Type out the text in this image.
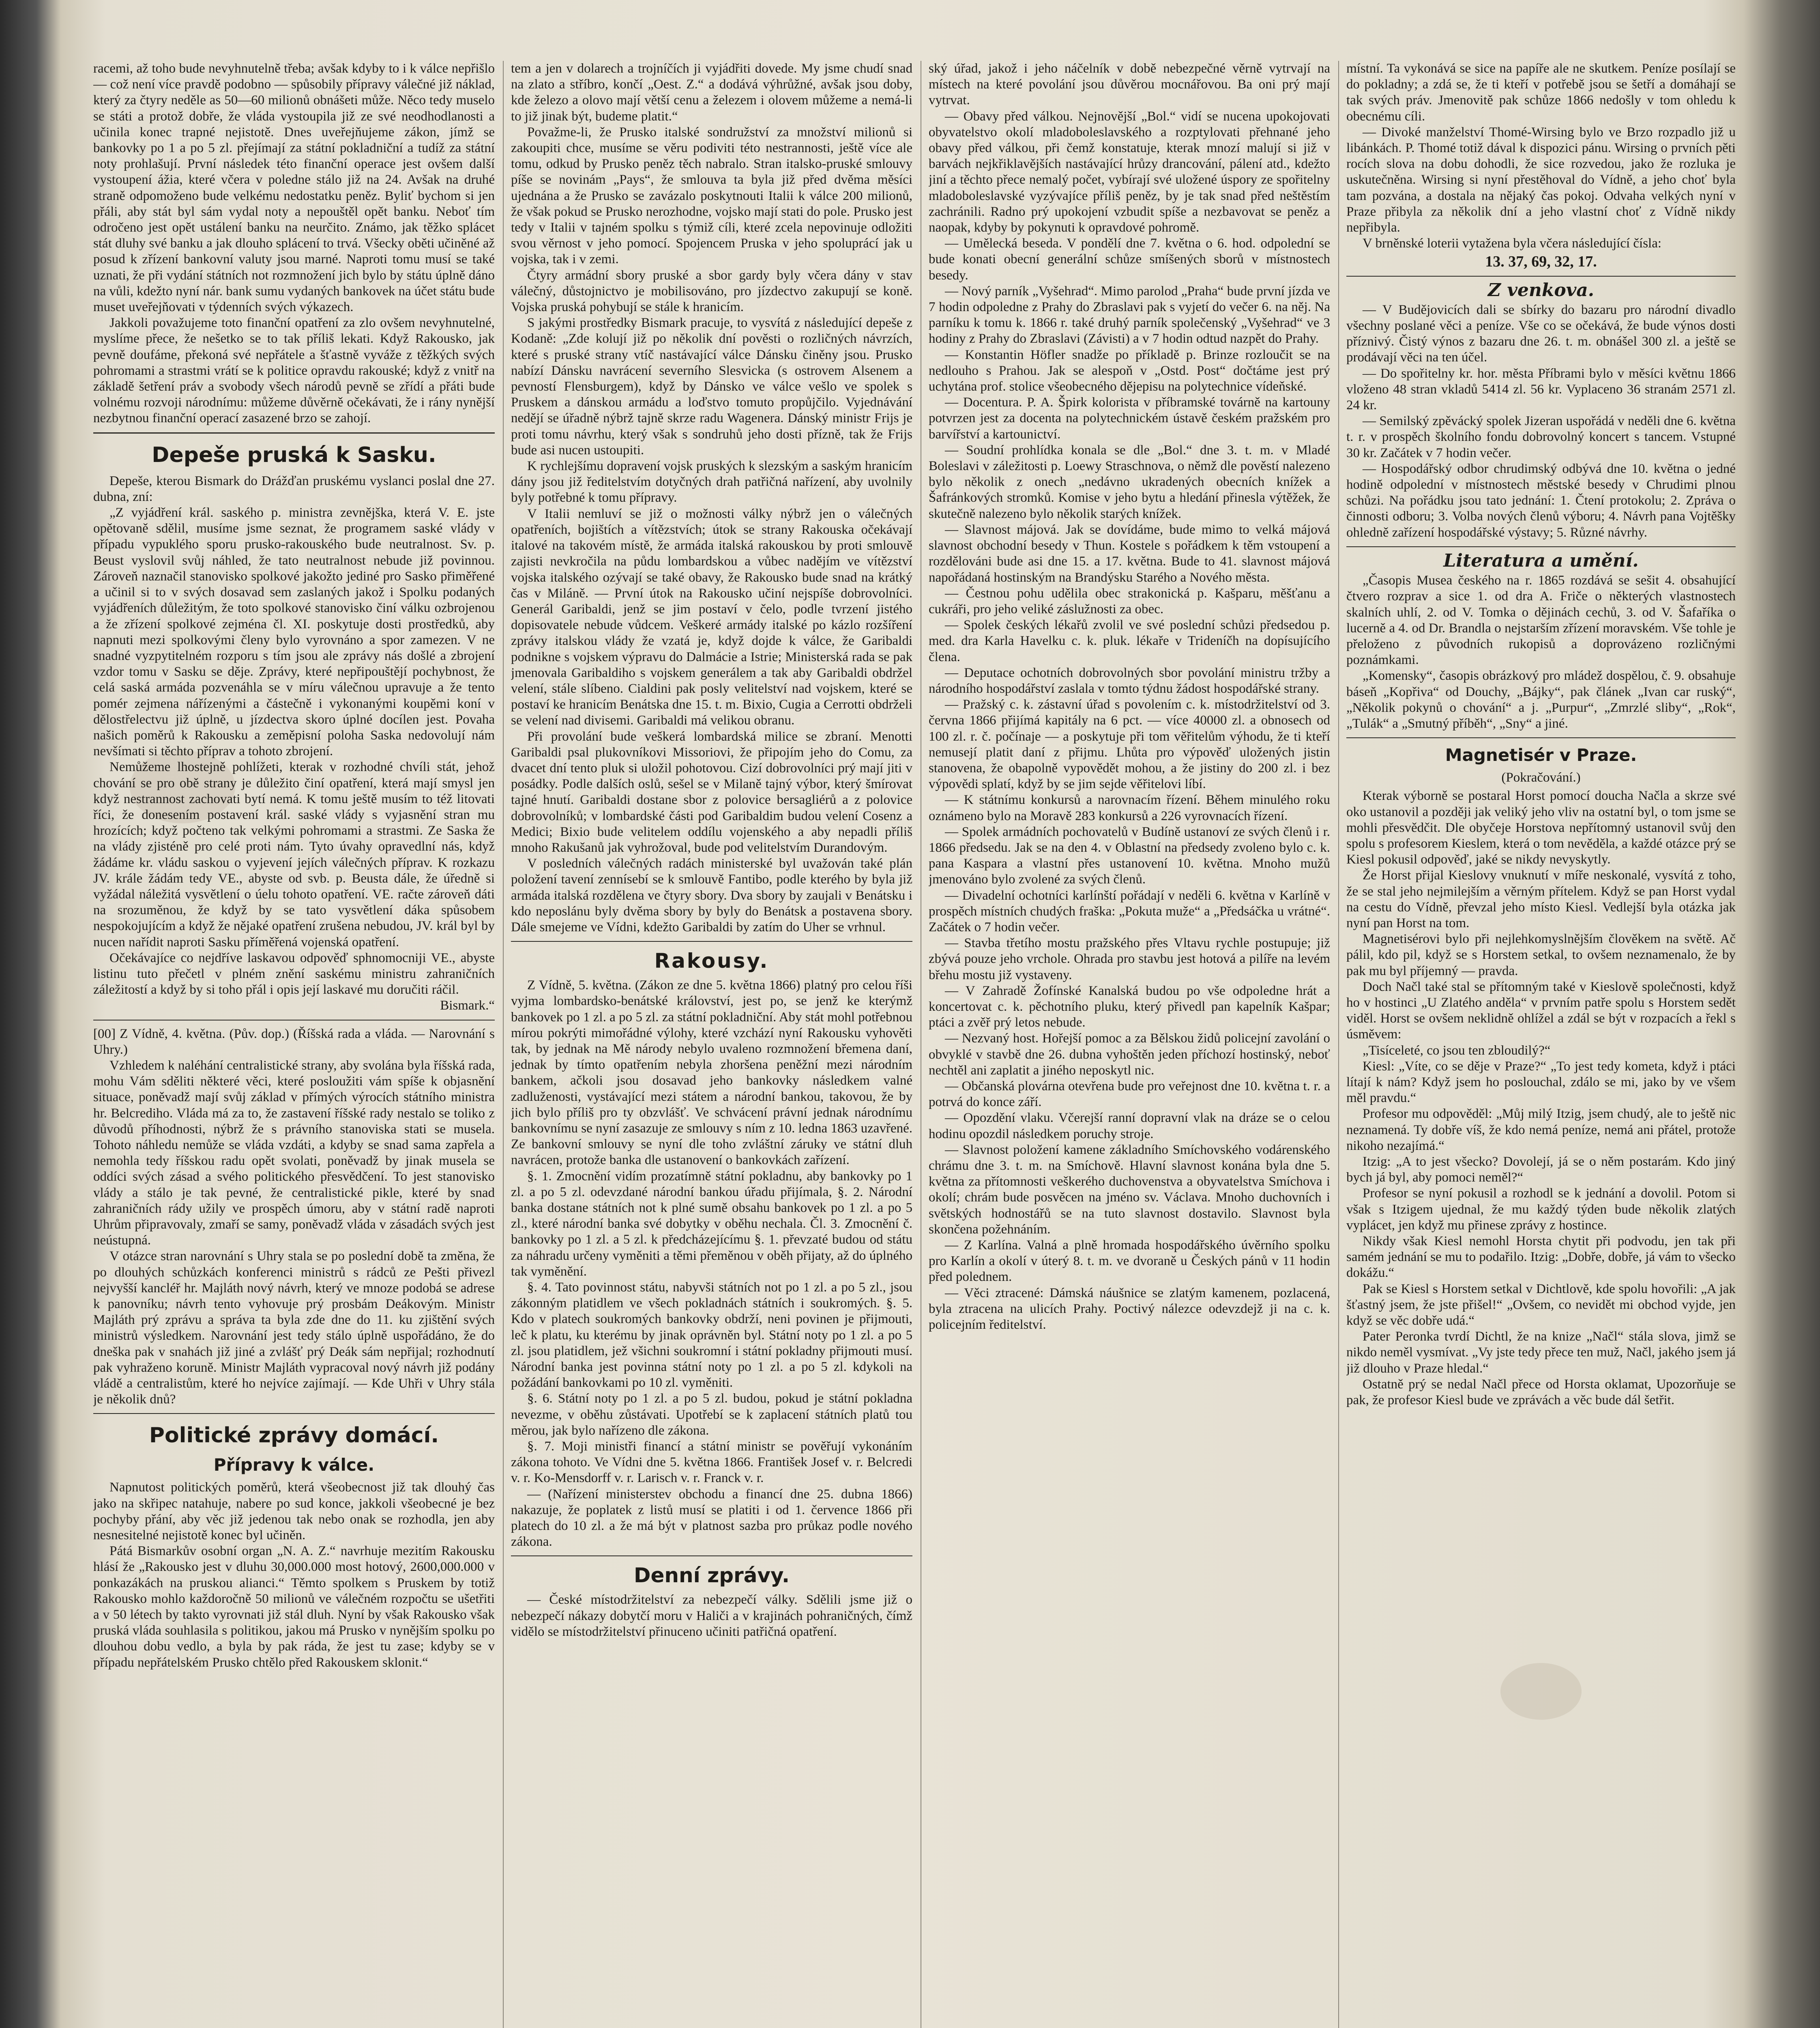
racemi, až toho bude nevyhnutelně třeba; avšak kdyby to i k válce nepřišlo — což není více pravdě podobno — spůsobily přípravy válečné již náklad, který za čtyry neděle as 50—60 milionů obnášeti může. Něco tedy muselo se státi a protož dobře, že vláda vystoupila již ze své neodhodlanosti a učinila konec trapné nejistotě. Dnes uveřejňujeme zákon, jímž se bankovky po 1 a po 5 zl. přejímají za státní pokladniční a tudíž za státní noty prohlašují. První následek této finanční operace jest ovšem další vystoupení ážia, které včera v poledne stálo již na 24. Avšak na druhé straně odpomoženo bude velkému nedostatku peněz. Byliť bychom si jen přáli, aby stát byl sám vydal noty a nepouštěl opět banku. Neboť tím odročeno jest opět ustálení banku na neurčito. Známo, jak těžko splácet stát dluhy své banku a jak dlouho splácení to trvá. Všecky oběti učiněné až posud k zřízení bankovní valuty jsou marné. Naproti tomu musí se také uznati, že při vydání státních not rozmnožení jich bylo by státu úplně dáno na vůli, kdežto nyní nár. bank sumu vydaných bankovek na účet státu bude muset uveřejňovati v týdenních svých výkazech.

Jakkoli považujeme toto finanční opatření za zlo ovšem nevyhnutelné, myslíme přece, že nešetko se to tak příliš lekati. Když Rakousko, jak pevně doufáme, překoná své nepřátele a šťastně vyváže z těžkých svých pohromami a strastmi vrátí se k politice opravdu rakouské; když z vnitř na základě šetření práv a svobody všech národů pevně se zřídí a přáti bude volnému rozvoji národnímu: můžeme důvěrně očekávati, že i rány nynější nezbytnou finanční operací zasazené brzo se zahojí.

Depeše pruská k Sasku.

Depeše, kterou Bismark do Drážďan pruskému vyslanci poslal dne 27. dubna, zní:

„Z vyjádření král. saského p. ministra zevnějška, která V. E. jste opětovaně sdělil, musíme jsme seznat, že programem saské vlády v případu vypuklého sporu prusko-rakouského bude neutralnost. Sv. p. Beust vyslovil svůj náhled, že tato neutralnost nebude již povinnou. Zároveň naznačil stanovisko spolkové jakožto jediné pro Sasko přiměřené a učinil si to v svých dosavad sem zaslaných jakož i Spolku podaných vyjádřeních důležitým, že toto spolkové stanovisko činí válku ozbrojenou a že zřízení spolkové zejména čl. XI. poskytuje dosti prostředků, aby napnuti mezi spolkovými členy bylo vyrovnáno a spor zamezen. V ne snadné vyzpytitelném rozporu s tím jsou ale zprávy nás došlé a zbrojení vzdor tomu v Sasku se děje. Zprávy, které nepřipouštějí pochybnost, že celá saská armáda pozvenáhla se v míru válečnou upravuje a že tento pomér zejmena nářízenými a částečně i vykonanými koupěmi koní v dělostřelectvu již úplně, u jízdectva skoro úplné docílen jest. Povaha našich poměrů k Rakousku a zeměpisní poloha Saska nedovolují nám nevšímati si těchto příprav a tohoto zbrojení.

Nemůžeme lhostejně pohlížeti, kterak v rozhodné chvíli stát, jehož chování se pro obě strany je důležito činí opatření, která mají smysl jen když nestrannost zachovati bytí nemá. K tomu ještě musím to též litovati říci, že donesením postavení král. saské vlády s vyjasnění stran mu hrozících; když počteno tak velkými pohromami a strastmi. Ze Saska že na vlády zjisténě pro celé proti nám. Tyto úvahy opravedlní nás, když žádáme kr. vládu saskou o vyjevení jejích válečných příprav. K rozkazu JV. krále žádám tedy VE., abyste od svb. p. Beusta dále, že úředně si vyžádal náležitá vysvětlení o úelu tohoto opatření. VE. račte zároveň dáti na srozuměnou, že když by se tato vysvětlení dáka spůsobem nespokojujícím a když že nějaké opatření zrušena nebudou, JV. král byl by nucen nařídit naproti Sasku příměřená vojenská opatření.

Očekávajíce co nejdříve laskavou odpověď sphnomocniji VE., abyste listinu tuto přečetl v plném znění saskému ministru zahraničních záležitostí a když by si toho přál i opis její laskavé mu doručiti ráčil.

Bismark.“

[00] Z Vídně, 4. května. (Pův. dop.) (Říšská rada a vláda. — Narovnání s Uhry.)

Vzhledem k naléhání centralistické strany, aby svolána byla říšská rada, mohu Vám sděliti některé věci, které posloužiti vám spíše k objasnění situace, poněvadž mají svůj základ v přímých výrocích státního ministra hr. Belcrediho. Vláda má za to, že zastavení říšské rady nestalo se toliko z důvodů příhodnosti, nýbrž že s právního stanoviska stati se musela. Tohoto náhledu nemůže se vláda vzdáti, a kdyby se snad sama zapřela a nemohla tedy říšskou radu opět svolati, poněvadž by jinak musela se oddíci svých zásad a svého politického přesvědčení. To jest stanovisko vlády a stálo je tak pevné, že centralistické pikle, které by snad zahraničních rády užily ve prospěch úmoru, aby v státní radě naproti Uhrům připravovaly, zmaří se samy, poněvadž vláda v zásadách svých jest neústupná.

V otázce stran narovnání s Uhry stala se po poslední době ta změna, že po dlouhých schůzkách konferenci ministrů s rádců ze Pešti přivezl nejvyšší kancléř hr. Majláth nový návrh, který ve mnoze podobá se adrese k panovníku; návrh tento vyhovuje prý prosbám Deákovým. Ministr Majláth prý zprávu a správa ta byla zde dne do 11. ku zjištění svých ministrů výsledkem. Narovnání jest tedy stálo úplně uspořádáno, že do dneška pak v snahách již jiné a zvlášť prý Deák sám nepřijal; rozhodnutí pak vyhraženo koruně. Ministr Majláth vypracoval nový návrh již podány vládě a centralistům, které ho nejvíce zajímají. — Kde Uhři v Uhry stála je několik dnů?

Politické zprávy domácí.
Přípravy k válce.

Napnutost politických poměrů, která všeobecnost již tak dlouhý čas jako na skřipec natahuje, nabere po sud konce, jakkoli všeobecné je bez pochyby přání, aby věc již jedenou tak nebo onak se rozhodla, jen aby nesnesitelné nejistotě konec byl učiněn.

Pátá Bismarkův osobní organ „N. A. Z.“ navrhuje mezitím Rakousku hlásí že „Rakousko jest v dluhu 30,000.000 most hotový, 2600,000.000 v ponkazákách na pruskou alianci.“ Těmto spolkem s Pruskem by totiž Rakousko mohlo každoročně 50 milionů ve válečném rozpočtu se ušetřiti a v 50 létech by takto vyrovnati již stál dluh. Nyní by však Rakousko však pruská vláda souhlasila s politikou, jakou má Prusko v nynějším spolku po dlouhou dobu vedlo, a byla by pak ráda, že jest tu zase; kdyby se v případu nepřátelském Prusko chtělo před Rakouskem sklonit.“

tem a jen v dolarech a trojníčích ji vyjádřiti dovede. My jsme chudí snad na zlato a stříbro, končí „Oest. Z.“ a dodává výhrůžné, avšak jsou doby, kde železo a olovo mají větší cenu a železem i olovem můžeme a nemá-li to již jinak být, budeme platit.“

Považme-li, že Prusko italské sondružství za množství milionů si zakoupiti chce, musíme se věru podiviti této nestrannosti, ještě více ale tomu, odkud by Prusko peněz těch nabralo. Stran italsko-pruské smlouvy píše se novinám „Pays“, že smlouva ta byla již před dvěma měsíci ujednána a že Prusko se zavázalo poskytnouti Italii k válce 200 milionů, že však pokud se Prusko nerozhodne, vojsko mají stati do pole. Prusko jest tedy v Italii v tajném spolku s týmiž cíli, které zcela nepovinuje odložiti svou věrnost v jeho pomocí. Spojencem Pruska v jeho spoluprácí jak u vojska, tak i v zemi.

Čtyry armádní sbory pruské a sbor gardy byly včera dány v stav válečný, důstojnictvo je mobilisováno, pro jízdectvo zakupují se koně. Vojska pruská pohybují se stále k hranicím.

S jakými prostředky Bismark pracuje, to vysvítá z následující depeše z Kodaně: „Zde kolují již po několik dní pověsti o rozličných návrzích, které s pruské strany vtíč nastávající válce Dánsku činěny jsou. Prusko nabízí Dánsku navrácení severního Slesvicka (s ostrovem Alsenem a pevností Flensburgem), když by Dánsko ve válce vešlo ve spolek s Pruskem a dánskou armádu a loďstvo tomuto propůjčilo. Vyjednávání nedějí se úřadně nýbrž tajně skrze radu Wagenera. Dánský ministr Frijs je proti tomu návrhu, který však s sondruhů jeho dosti přízně, tak že Frijs bude asi nucen ustoupiti.

K rychlejšímu dopravení vojsk pruských k slezským a saským hranicím dány jsou již ředitelstvím dotyčných drah patřičná nařízení, aby uvolnily byly potřebné k tomu přípravy.

V Italii nemluví se již o možnosti války nýbrž jen o válečných opatřeních, bojištích a vítězstvích; útok se strany Rakouska očekávají italové na takovém místě, že armáda italská rakouskou by proti smlouvě zajisti nevkročila na půdu lombardskou a vůbec nadějím ve vítězství vojska italského ozývají se také obavy, že Rakousko bude snad na krátký čas v Miláně. — První útok na Rakousko učiní nejspíše dobrovolníci. Generál Garibaldi, jenž se jim postaví v čelo, podle tvrzení jistého dopisovatele nebude vůdcem. Veškeré armády italské po kázlo rozšíření zprávy italskou vlády že vzatá je, když dojde k válce, že Garibaldi podnikne s vojskem výpravu do Dalmácie a Istrie; Ministerská rada se pak jmenovala Garibaldiho s vojskem generálem a tak aby Garibaldi obdržel velení, stále slíbeno. Cialdini pak posly velitelství nad vojskem, které se postaví ke hranicím Benátska dne 15. t. m. Bixio, Cugia a Cerrotti obdrželi se velení nad divisemi. Garibaldi má velikou obranu.

Při provolání bude veškerá lombardská milice se zbraní. Menotti Garibaldi psal plukovníkovi Missoriovi, že připojím jeho do Comu, za dvacet dní tento pluk si uložil pohotovou. Cizí dobrovolníci prý mají jiti v posádky. Podle dalších oslů, sešel se v Milaně tajný výbor, který šmírovat tajné hnutí. Garibaldi dostane sbor z polovice bersagliérů a z polovice dobrovolníků; v lombardské části pod Garibaldim budou velení Cosenz a Medici; Bixio bude velitelem oddílu vojenského a aby nepadli příliš mnoho Rakušanů jak vyhrožoval, bude pod velitelstvím Durandovým.

V posledních válečných radách ministerské byl uvažován také plán položení tavení zennísebí se k smlouvě Fantibo, podle kterého by byla již armáda italská rozdělena ve čtyry sbory. Dva sbory by zaujali v Benátsku i kdo neposlánu byly dvěma sbory by byly do Benátsk a postavena sbory. Dále smejeme ve Vídni, kdežto Garibaldi by zatím do Uher se vrhnul.

Rakousy.

Z Vídně, 5. května. (Zákon ze dne 5. května 1866) platný pro celou říši vyjma lombardsko-benátské království, jest po, se jenž ke kterýmž bankovek po 1 zl. a po 5 zl. za státní pokladniční. Aby stát mohl potřebnou mírou pokrýti mimořádné výlohy, které vzchází nyní Rakousku vyhověti tak, by jednak na Mě národy nebylo uvaleno rozmnožení břemena daní, jednak by tímto opatřením nebyla zhoršena peněžní mezi národním bankem, ačkoli jsou dosavad jeho bankovky následkem valné zadluženosti, vystávající mezi státem a národní bankou, takovou, že by jich bylo příliš pro ty obzvlášť. Ve schvácení právní jednak národnímu bankovnímu se nyní zasazuje ze smlouvy s ním z 10. ledna 1863 uzavřené. Ze bankovní smlouvy se nyní dle toho zvláštní záruky ve státní dluh navrácen, protože banka dle ustanovení o bankovkách zařízení.

§. 1. Zmocnění vidím prozatímně státní pokladnu, aby bankovky po 1 zl. a po 5 zl. odevzdané národní bankou úřadu přijímala, §. 2. Národní banka dostane státních not k plné sumě obsahu bankovek po 1 zl. a po 5 zl., které národní banka své dobytky v oběhu nechala. Čl. 3. Zmocnění č. bankovky po 1 zl. a 5 zl. k předcházejícímu §. 1. převzaté budou od státu za náhradu určeny vyměniti a těmi přeměnou v oběh přijaty, až do úplného tak vyměnění.

§. 4. Tato povinnost státu, nabyvši státních not po 1 zl. a po 5 zl., jsou zákonným platidlem ve všech pokladnách státních i soukromých. §. 5. Kdo v platech soukromých bankovky obdrží, neni povinen je přijmouti, leč k platu, ku kterému by jinak oprávněn byl. Státní noty po 1 zl. a po 5 zl. jsou platidlem, jež všichni soukromní i státní pokladny přijmouti musí. Národní banka jest povinna státní noty po 1 zl. a po 5 zl. kdykoli na požádání bankovkami po 10 zl. vyměniti.

§. 6. Státní noty po 1 zl. a po 5 zl. budou, pokud je státní pokladna nevezme, v oběhu zůstávati. Upotřebí se k zaplacení státních platů tou měrou, jak bylo nařízeno dle zákona.

§. 7. Moji ministři financí a státní ministr se pověřují vykonáním zákona tohoto. Ve Vídni dne 5. května 1866. František Josef v. r. Belcredi v. r. Ko-Mensdorff v. r. Larisch v. r. Franck v. r.

— (Nařízení ministerstev obchodu a financí dne 25. dubna 1866) nakazuje, že poplatek z listů musí se platiti i od 1. července 1866 při platech do 10 zl. a že má být v platnost sazba pro průkaz podle nového zákona.

Denní zprávy.

— České místodržitelství za nebezpečí války. Sdělili jsme již o nebezpečí nákazy dobytčí moru v Haliči a v krajinách pohraničných, čímž vidělo se místodržitelství přinuceno učiniti patřičná opatření.

ský úřad, jakož i jeho náčelník v době nebezpečné věrně vytrvají na místech na které povolání jsou důvěrou mocnářovou. Ba oni prý mají vytrvat.

— Obavy před válkou. Nejnovější „Bol.“ vidí se nucena upokojovati obyvatelstvo okolí mladoboleslavského a rozptylovati přehnané jeho obavy před válkou, při čemž konstatuje, kterak mnozí malují si již v barvách nejkřiklavějších nastávající hrůzy drancování, pálení atd., kdežto jiní a těchto přece nemalý počet, vybírají své uložené úspory ze spořitelny mladoboleslavské vyzývajíce příliš peněz, by je tak snad před neštěstím zachránili. Radno prý upokojení vzbudit spíše a nezbavovat se peněz a naopak, kdyby by pokynuti k opravdové pohromě.

— Umělecká beseda. V pondělí dne 7. května o 6. hod. odpolední se bude konati obecní generální schůze smíšených sborů v místnostech besedy.

— Nový parník „Vyšehrad“. Mimo parolod „Praha“ bude první jízda ve 7 hodin odpoledne z Prahy do Zbraslavi pak s vyjetí do večer 6. na něj. Na parníku k tomu k. 1866 r. také druhý parník společenský „Vyšehrad“ ve 3 hodiny z Prahy do Zbraslavi (Závisti) a v 7 hodin odtud nazpět do Prahy.

— Konstantin Höfler snadže po příkladě p. Brinze rozloučit se na nedlouho s Prahou. Jak se alespoň v „Ostd. Post“ dočtáme jest prý uchytána prof. stolice všeobecného dějepisu na polytechnice vídeňské.

— Docentura. P. A. Špirk kolorista v příbramské továrně na kartouny potvrzen jest za docenta na polytechnickém ústavě českém pražském pro barvířství a kartounictví.

— Soudní prohlídka konala se dle „Bol.“ dne 3. t. m. v Mladé Boleslavi v záležitosti p. Loewy Straschnova, o němž dle pověstí nalezeno bylo několik z onech „nedávno ukradených obecních knížek a Šafránkových stromků. Komise v jeho bytu a hledání přinesla výtěžek, že skutečně nalezeno bylo několik starých knížek.

— Slavnost májová. Jak se dovídáme, bude mimo to velká májová slavnost obchodní besedy v Thun. Kostele s pořádkem k těm vstoupení a rozdělováni bude asi dne 15. a 17. května. Bude to 41. slavnost májová napořádaná hostinským na Brandýsku Starého a Nového města.

— Čestnou pohu udělila obec strakonická p. Kašparu, měšťanu a cukráři, pro jeho veliké záslužnosti za obec.

— Spolek českých lékařů zvolil ve své poslední schůzi předsedou p. med. dra Karla Havelku c. k. pluk. lékaře v Trideníčh na dopísujícího člena.

— Deputace ochotních dobrovolných sbor povolání ministru tržby a národního hospodářství zaslala v tomto týdnu žádost hospodářské strany.

— Pražský c. k. zástavní úřad s povolením c. k. místodržitelství od 3. června 1866 přijímá kapitály na 6 pct. — více 40000 zl. a obnosech od 100 zl. r. č. počínaje — a poskytuje při tom věřitelům výhodu, že ti kteří nemusejí platit daní z přijmu. Lhůta pro výpověď uložených jistin stanovena, že obapolně vypovědět mohou, a že jistiny do 200 zl. i bez výpovědi splatí, když by se jim sejde věřitelovi líbí.

— K státnímu konkursů a narovnacím řízení. Během minulého roku oznámeno bylo na Moravě 283 konkursů a 226 vyrovnacích řízení.

— Spolek armádních pochovatelů v Budíně ustanoví ze svých členů i r. 1866 předsedu. Jak se na den 4. v Oblastní na předsedy zvoleno bylo c. k. pana Kaspara a vlastní přes ustanovení 10. května. Mnoho mužů jmenováno bylo zvolené za svých členů.

— Divadelní ochotníci karlínští pořádají v neděli 6. května v Karlíně v prospěch místních chudých fraška: „Pokuta muže“ a „Předsáčka u vrátné“. Začátek o 7 hodin večer.

— Stavba třetího mostu pražského přes Vltavu rychle postupuje; již zbývá pouze jeho vrchole. Ohrada pro stavbu jest hotová a pilíře na levém břehu mostu již vystaveny.

— V Zahradě Žofínské Kanalská budou po vše odpoledne hrát a koncertovat c. k. pěchotního pluku, který přivedl pan kapelník Kašpar; ptáci a zvěř prý letos nebude.

— Nezvaný host. Hořejší pomoc a za Bělskou židů policejní zavolání o obvyklé v stavbě dne 26. dubna vyhoštěn jeden příchozí hostinský, neboť nechtěl ani zaplatit a jiného neposkytl nic.

— Občanská plovárna otevřena bude pro veřejnost dne 10. května t. r. a potrvá do konce září.

— Opozdění vlaku. Včerejší ranní dopravní vlak na dráze se o celou hodinu opozdil následkem poruchy stroje.

— Slavnost položení kamene základního Smíchovského vodárenského chrámu dne 3. t. m. na Smíchově. Hlavní slavnost konána byla dne 5. května za přítomnosti veškerého duchovenstva a obyvatelstva Smíchova i okolí; chrám bude posvěcen na jméno sv. Václava. Mnoho duchovních i světských hodnostářů se na tuto slavnost dostavilo. Slavnost byla skončena požehnáním.

— Z Karlína. Valná a plně hromada hospodářského úvěrního spolku pro Karlín a okolí v úterý 8. t. m. ve dvoraně u Českých pánů v 11 hodin před polednem.

— Věci ztracené: Dámská náušnice se zlatým kamenem, pozlacená, byla ztracena na ulicích Prahy. Poctivý nálezce odevzdejž ji na c. k. policejním ředitelství.

místní. Ta vykonává se sice na papíře ale ne skutkem. Peníze posílají se do pokladny; a zdá se, že ti kteří v potřebě jsou se šetří a domáhají se tak svých práv. Jmenovitě pak schůze 1866 nedošly v tom ohledu k obecnému cíli.

— Divoké manželství Thomé-Wirsing bylo ve Brzo rozpadlo již u libánkách. P. Thomé totiž dával k dispozici pánu. Wirsing o prvních pěti rocích slova na dobu dohodli, že sice rozvedou, jako že rozluka je uskutečněna. Wirsing si nyní přestěhoval do Vídně, a jeho choť byla tam pozvána, a dostala na nějaký čas pokoj. Odvaha velkých nyní v Praze přibyla za několik dní a jeho vlastní choť z Vídně nikdy nepřibyla.

V brněnské loterii vytažena byla včera následující čísla:

13. 37, 69, 32, 17.
Z venkova.

— V Budějovicích dali se sbírky do bazaru pro národní divadlo všechny poslané věci a peníze. Vše co se očekává, že bude výnos dosti příznivý. Čistý výnos z bazaru dne 26. t. m. obnášel 300 zl. a ještě se prodávají věci na ten účel.

— Do spořitelny kr. hor. města Příbrami bylo v měsíci květnu 1866 vloženo 48 stran vkladů 5414 zl. 56 kr. Vyplaceno 36 stranám 2571 zl. 24 kr.

— Semilský zpěvácký spolek Jizeran uspořádá v neděli dne 6. května t. r. v prospěch školního fondu dobrovolný koncert s tancem. Vstupné 30 kr. Začátek v 7 hodin večer.

— Hospodářský odbor chrudimský odbývá dne 10. května o jedné hodině odpolední v místnostech městské besedy v Chrudimi plnou schůzi. Na pořádku jsou tato jednání: 1. Čtení protokolu; 2. Zpráva o činnosti odboru; 3. Volba nových členů výboru; 4. Návrh pana Vojtěšky ohledně zařízení hospodářské výstavy; 5. Různé návrhy.

Literatura a umění.

„Časopis Musea českého na r. 1865 rozdává se sešit 4. obsahující čtvero rozprav a sice 1. od dra A. Friče o některých vlastnostech skalních uhlí, 2. od V. Tomka o dějinách cechů, 3. od V. Šafaříka o lucerně a 4. od Dr. Brandla o nejstarším zřízení moravském. Vše tohle je přeloženo z původních rukopisů a doprovázeno rozličnými poznámkami.

„Komensky“, časopis obrázkový pro mládež dospělou, č. 9. obsahuje báseň „Kopřiva“ od Douchy, „Bájky“, pak článek „Ivan car ruský“, „Několik pokynů o chování“ a j. „Purpur“, „Zmrzlé sliby“, „Rok“, „Tulák“ a „Smutný příběh“, „Sny“ a jiné.

Magnetisér v Praze.
(Pokračování.)

Kterak výborně se postaral Horst pomocí doucha Načla a skrze své oko ustanovil a později jak veliký jeho vliv na ostatní byl, o tom jsme se mohli přesvědčit. Dle obyčeje Horstova nepřítomný ustanovil svůj den spolu s profesorem Kieslem, která o tom nevěděla, a každé otázce prý se Kiesl pokusil odpověď, jaké se nikdy nevyskytly.

Že Horst přijal Kieslovy vnuknutí v míře neskonalé, vysvítá z toho, že se stal jeho nejmilejším a věrným přítelem. Když se pan Horst vydal na cestu do Vídně, převzal jeho místo Kiesl. Vedlejší byla otázka jak nyní pan Horst na tom.

Magnetisérovi bylo při nejlehkomyslnějším člověkem na světě. Ač pálil, kdo pil, když se s Horstem setkal, to ovšem neznamenalo, že by pak mu byl příjemný — pravda.

Doch Načl také stal se přítomným také v Kieslově společnosti, když ho v hostinci „U Zlatého anděla“ v prvním patře spolu s Horstem sedět viděl. Horst se ovšem neklidně ohlížel a zdál se být v rozpacích a řekl s úsměvem:

„Tisíceleté, co jsou ten zbloudilý?“

Kiesl: „Víte, co se děje v Praze?“ „To jest tedy kometa, když i ptáci lítají k nám? Když jsem ho poslouchal, zdálo se mi, jako by ve všem měl pravdu.“

Profesor mu odpověděl: „Můj milý Itzig, jsem chudý, ale to ještě nic neznamená. Ty dobře víš, že kdo nemá peníze, nemá ani přátel, protože nikoho nezajímá.“

Itzig: „A to jest všecko? Dovolejí, já se o něm postarám. Kdo jiný bych já byl, aby pomoci neměl?“

Profesor se nyní pokusil a rozhodl se k jednání a dovolil. Potom si však s Itzigem ujednal, že mu každý týden bude několik zlatých vyplácet, jen když mu přinese zprávy z hostince.

Nikdy však Kiesl nemohl Horsta chytit při podvodu, jen tak při samém jednání se mu to podařilo. Itzig: „Dobře, dobře, já vám to všecko dokážu.“

Pak se Kiesl s Horstem setkal v Dichtlově, kde spolu hovořili: „A jak šťastný jsem, že jste přišel!“ „Ovšem, co nevidět mi obchod vyjde, jen když se věc dobře udá.“

Pater Peronka tvrdí Dichtl, že na knize „Načl“ stála slova, jimž se nikdo neměl vysmívat. „Vy jste tedy přece ten muž, Načl, jakého jsem já již dlouho v Praze hledal.“

Ostatně prý se nedal Načl přece od Horsta oklamat, Upozorňuje se pak, že profesor Kiesl bude ve zprávách a věc bude dál šetřit.
